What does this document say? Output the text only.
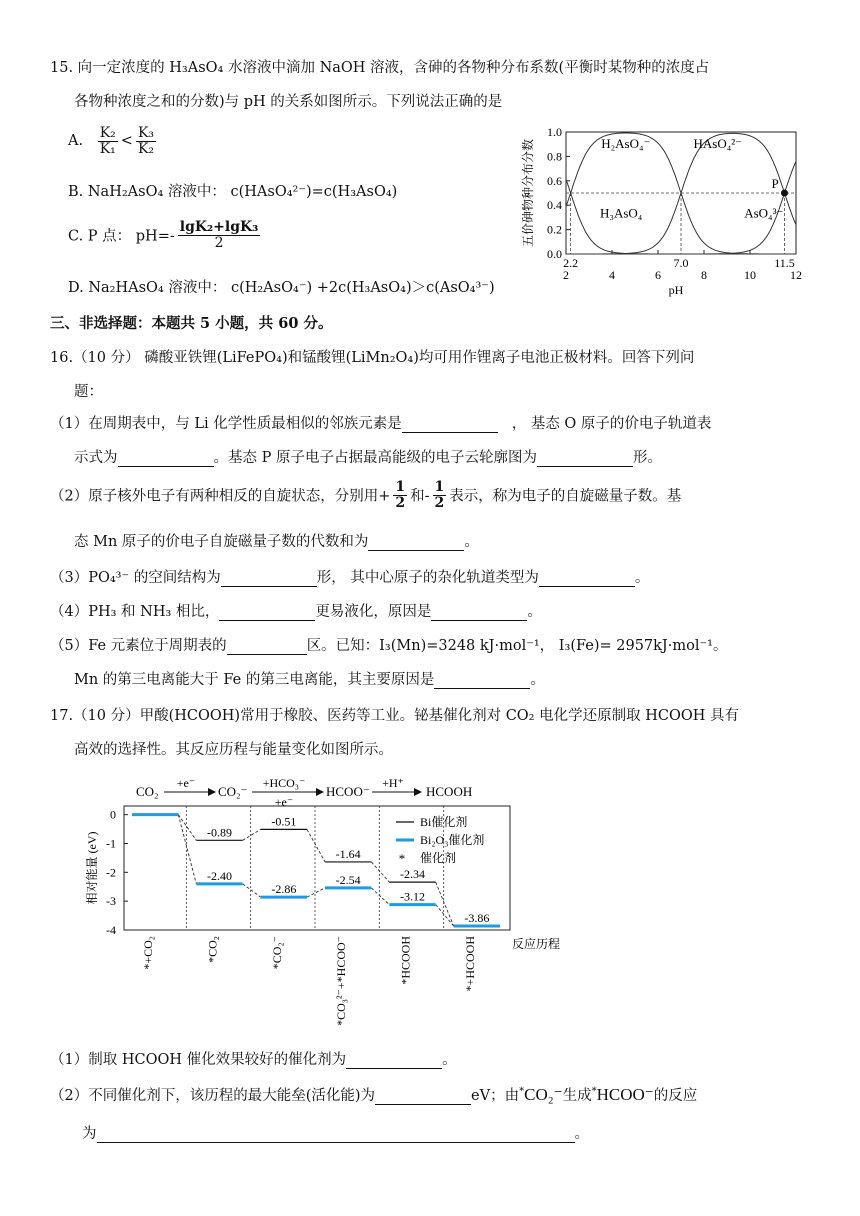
15. 向一定浓度的 H₃AsO₄ 水溶液中滴加 NaOH 溶液，含砷的各物种分布系数(平衡时某物种的浓度占
各物种浓度之和的分数)与 pH 的关系如图所示。下列说法正确的是
A. $\frac{\text{K₂}}{\text{K₁}} < \frac{\text{K₃}}{\text{K₂}}$
B. NaH₂AsO₄ 溶液中： c(HAsO₄²⁻)=c(H₃AsO₄)
C. P 点： $pH=- \frac{\text{lgK₂+lgK₃}}{2}$
D. Na₂HAsO₄ 溶液中： c(H₂AsO₄⁻) +2c(H₃AsO₄)＞c(AsO₄³⁻)
0.0
0.2
0.4
0.6
0.8
1.0
2	4	6	8	10	12
2.2	7.0	11.5
pH
五价砷物种分布分数	H₃AsO₄
H₂AsO₄⁻	HAsO₄²⁻
AsO₄³⁻
P
三、非选择题：本题共 5 小题，共 60 分。
16.（10 分） 磷酸亚铁锂(LiFePO₄)和锰酸锂(LiMn₂O₄)均可用作锂离子电池正极材料。回答下列问
题：
（1）在周期表中，与 Li 化学性质最相似的邻族元素是	， 基态 O 原子的价电子轨道表
示式为	。基态 P 原子电子占据最高能级的电子云轮廓图为	形。
（2）原子核外电子有两种相反的自旋状态，分别用+ $\frac{1}{2}$ 和- $\frac{1}{2}$ 表示，称为电子的自旋磁量子数。基
态 Mn 原子的价电子自旋磁量子数的代数和为	。
（3）PO₄³⁻ 的空间结构为	形， 其中心原子的杂化轨道类型为	。
（4）PH₃ 和 NH₃ 相比，	更易液化，原因是	。
（5）Fe 元素位于周期表的	区。已知：I₃(Mn)=3248 kJ·mol⁻¹， I₃(Fe)= 2957kJ·mol⁻¹。
Mn 的第三电离能大于 Fe 的第三电离能，其主要原因是	。
17.（10 分）甲酸(HCOOH)常用于橡胶、医药等工业。铋基催化剂对 CO₂ 电化学还原制取 HCOOH 具有
高效的选择性。其反应历程与能量变化如图所示。
0
-1
-2
-3
-4
相对能量 (eV)	-0.89
-0.51
-1.64
-2.34
-2.40
-2.86
-2.54
-3.12
-3.86
Bi催化剂
Bi₂O₃催化剂
* 催化剂
*+CO₂	*CO₂	*CO₂⁻	*CO₃²⁻+*HCOO⁻	*HCOOH	*+HCOOH	反应历程
CO₂
+e⁻
CO₂⁻
+HCO₃⁻
+e⁻
HCOO⁻
+H⁺
HCOOH
（1）制取 HCOOH 催化效果较好的催化剂为	。
（2）不同催化剂下，该历程的最大能垒(活化能)为	eV；由*CO₂⁻生成*HCOO⁻的反应
为	。
